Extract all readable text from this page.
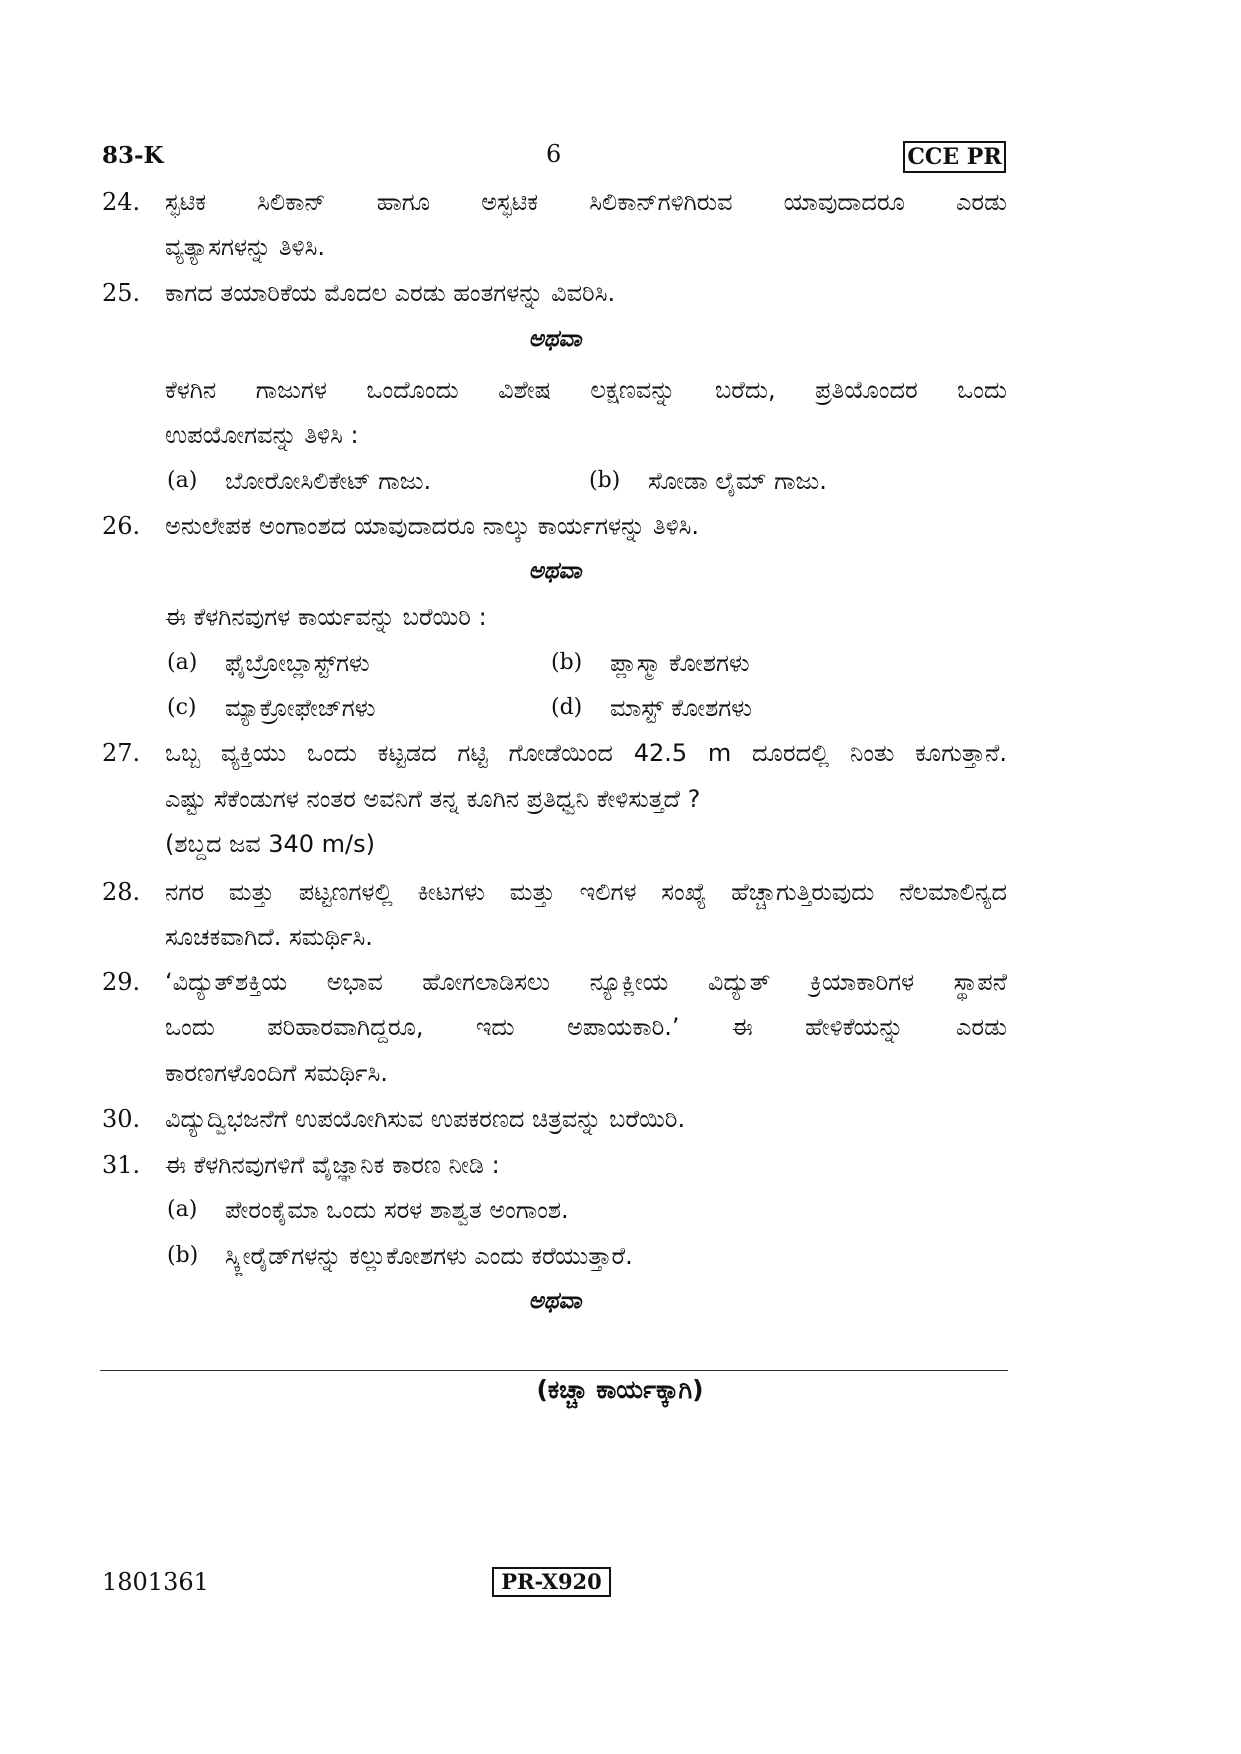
83-K	6	CCE PR
24. ಸ್ಫಟಿಕ ಸಿಲಿಕಾನ್ ಹಾಗೂ ಅಸ್ಫಟಿಕ ಸಿಲಿಕಾನ್‌ಗಳಿಗಿರುವ ಯಾವುದಾದರೂ ಎರಡು
ವ್ಯತ್ಯಾಸಗಳನ್ನು ತಿಳಿಸಿ.
25. ಕಾಗದ ತಯಾರಿಕೆಯ ಮೊದಲ ಎರಡು ಹಂತಗಳನ್ನು ವಿವರಿಸಿ.
ಅಥವಾ
ಕೆಳಗಿನ ಗಾಜುಗಳ ಒಂದೊಂದು ವಿಶೇಷ ಲಕ್ಷಣವನ್ನು ಬರೆದು, ಪ್ರತಿಯೊಂದರ ಒಂದು
ಉಪಯೋಗವನ್ನು ತಿಳಿಸಿ :
(a) ಬೋರೋಸಿಲಿಕೇಟ್ ಗಾಜು.	(b) ಸೋಡಾ ಲೈಮ್ ಗಾಜು.
26. ಅನುಲೇಪಕ ಅಂಗಾಂಶದ ಯಾವುದಾದರೂ ನಾಲ್ಕು ಕಾರ್ಯಗಳನ್ನು ತಿಳಿಸಿ.
ಅಥವಾ
ಈ ಕೆಳಗಿನವುಗಳ ಕಾರ್ಯವನ್ನು ಬರೆಯಿರಿ :
(a) ಫೈಬ್ರೋಬ್ಲಾಸ್ಟ್‌ಗಳು	(b) ಪ್ಲಾಸ್ಮಾ ಕೋಶಗಳು
(c) ಮ್ಯಾಕ್ರೋಫೇಜ್‌ಗಳು	(d) ಮಾಸ್ಟ್ ಕೋಶಗಳು
27. ಒಬ್ಬ ವ್ಯಕ್ತಿಯು ಒಂದು ಕಟ್ಟಡದ ಗಟ್ಟಿ ಗೋಡೆಯಿಂದ 42.5 m ದೂರದಲ್ಲಿ ನಿಂತು ಕೂಗುತ್ತಾನೆ.
ಎಷ್ಟು ಸೆಕೆಂಡುಗಳ ನಂತರ ಅವನಿಗೆ ತನ್ನ ಕೂಗಿನ ಪ್ರತಿಧ್ವನಿ ಕೇಳಿಸುತ್ತದೆ ?
(ಶಬ್ದದ ಜವ 340 m/s)
28. ನಗರ ಮತ್ತು ಪಟ್ಟಣಗಳಲ್ಲಿ ಕೀಟಗಳು ಮತ್ತು ಇಲಿಗಳ ಸಂಖ್ಯೆ ಹೆಚ್ಚಾಗುತ್ತಿರುವುದು ನೆಲಮಾಲಿನ್ಯದ
ಸೂಚಕವಾಗಿದೆ. ಸಮರ್ಥಿಸಿ.
29. ‘ವಿದ್ಯುತ್‌ಶಕ್ತಿಯ ಅಭಾವ ಹೋಗಲಾಡಿಸಲು ನ್ಯೂಕ್ಲೀಯ ವಿದ್ಯುತ್ ಕ್ರಿಯಾಕಾರಿಗಳ ಸ್ಥಾಪನೆ
ಒಂದು ಪರಿಹಾರವಾಗಿದ್ದರೂ, ಇದು ಅಪಾಯಕಾರಿ.’ ಈ ಹೇಳಿಕೆಯನ್ನು ಎರಡು
ಕಾರಣಗಳೊಂದಿಗೆ ಸಮರ್ಥಿಸಿ.
30. ವಿದ್ಯುದ್ವಿಭಜನೆಗೆ ಉಪಯೋಗಿಸುವ ಉಪಕರಣದ ಚಿತ್ರವನ್ನು ಬರೆಯಿರಿ.
31. ಈ ಕೆಳಗಿನವುಗಳಿಗೆ ವೈಜ್ಞಾನಿಕ ಕಾರಣ ನೀಡಿ :
(a) ಪೇರಂಕೈಮಾ ಒಂದು ಸರಳ ಶಾಶ್ವತ ಅಂಗಾಂಶ.
(b) ಸ್ಕ್ಲೀರೈಡ್‌ಗಳನ್ನು ಕಲ್ಲುಕೋಶಗಳು ಎಂದು ಕರೆಯುತ್ತಾರೆ.
ಅಥವಾ
(ಕಚ್ಚಾ ಕಾರ್ಯಕ್ಕಾಗಿ)
1801361	PR-X920
